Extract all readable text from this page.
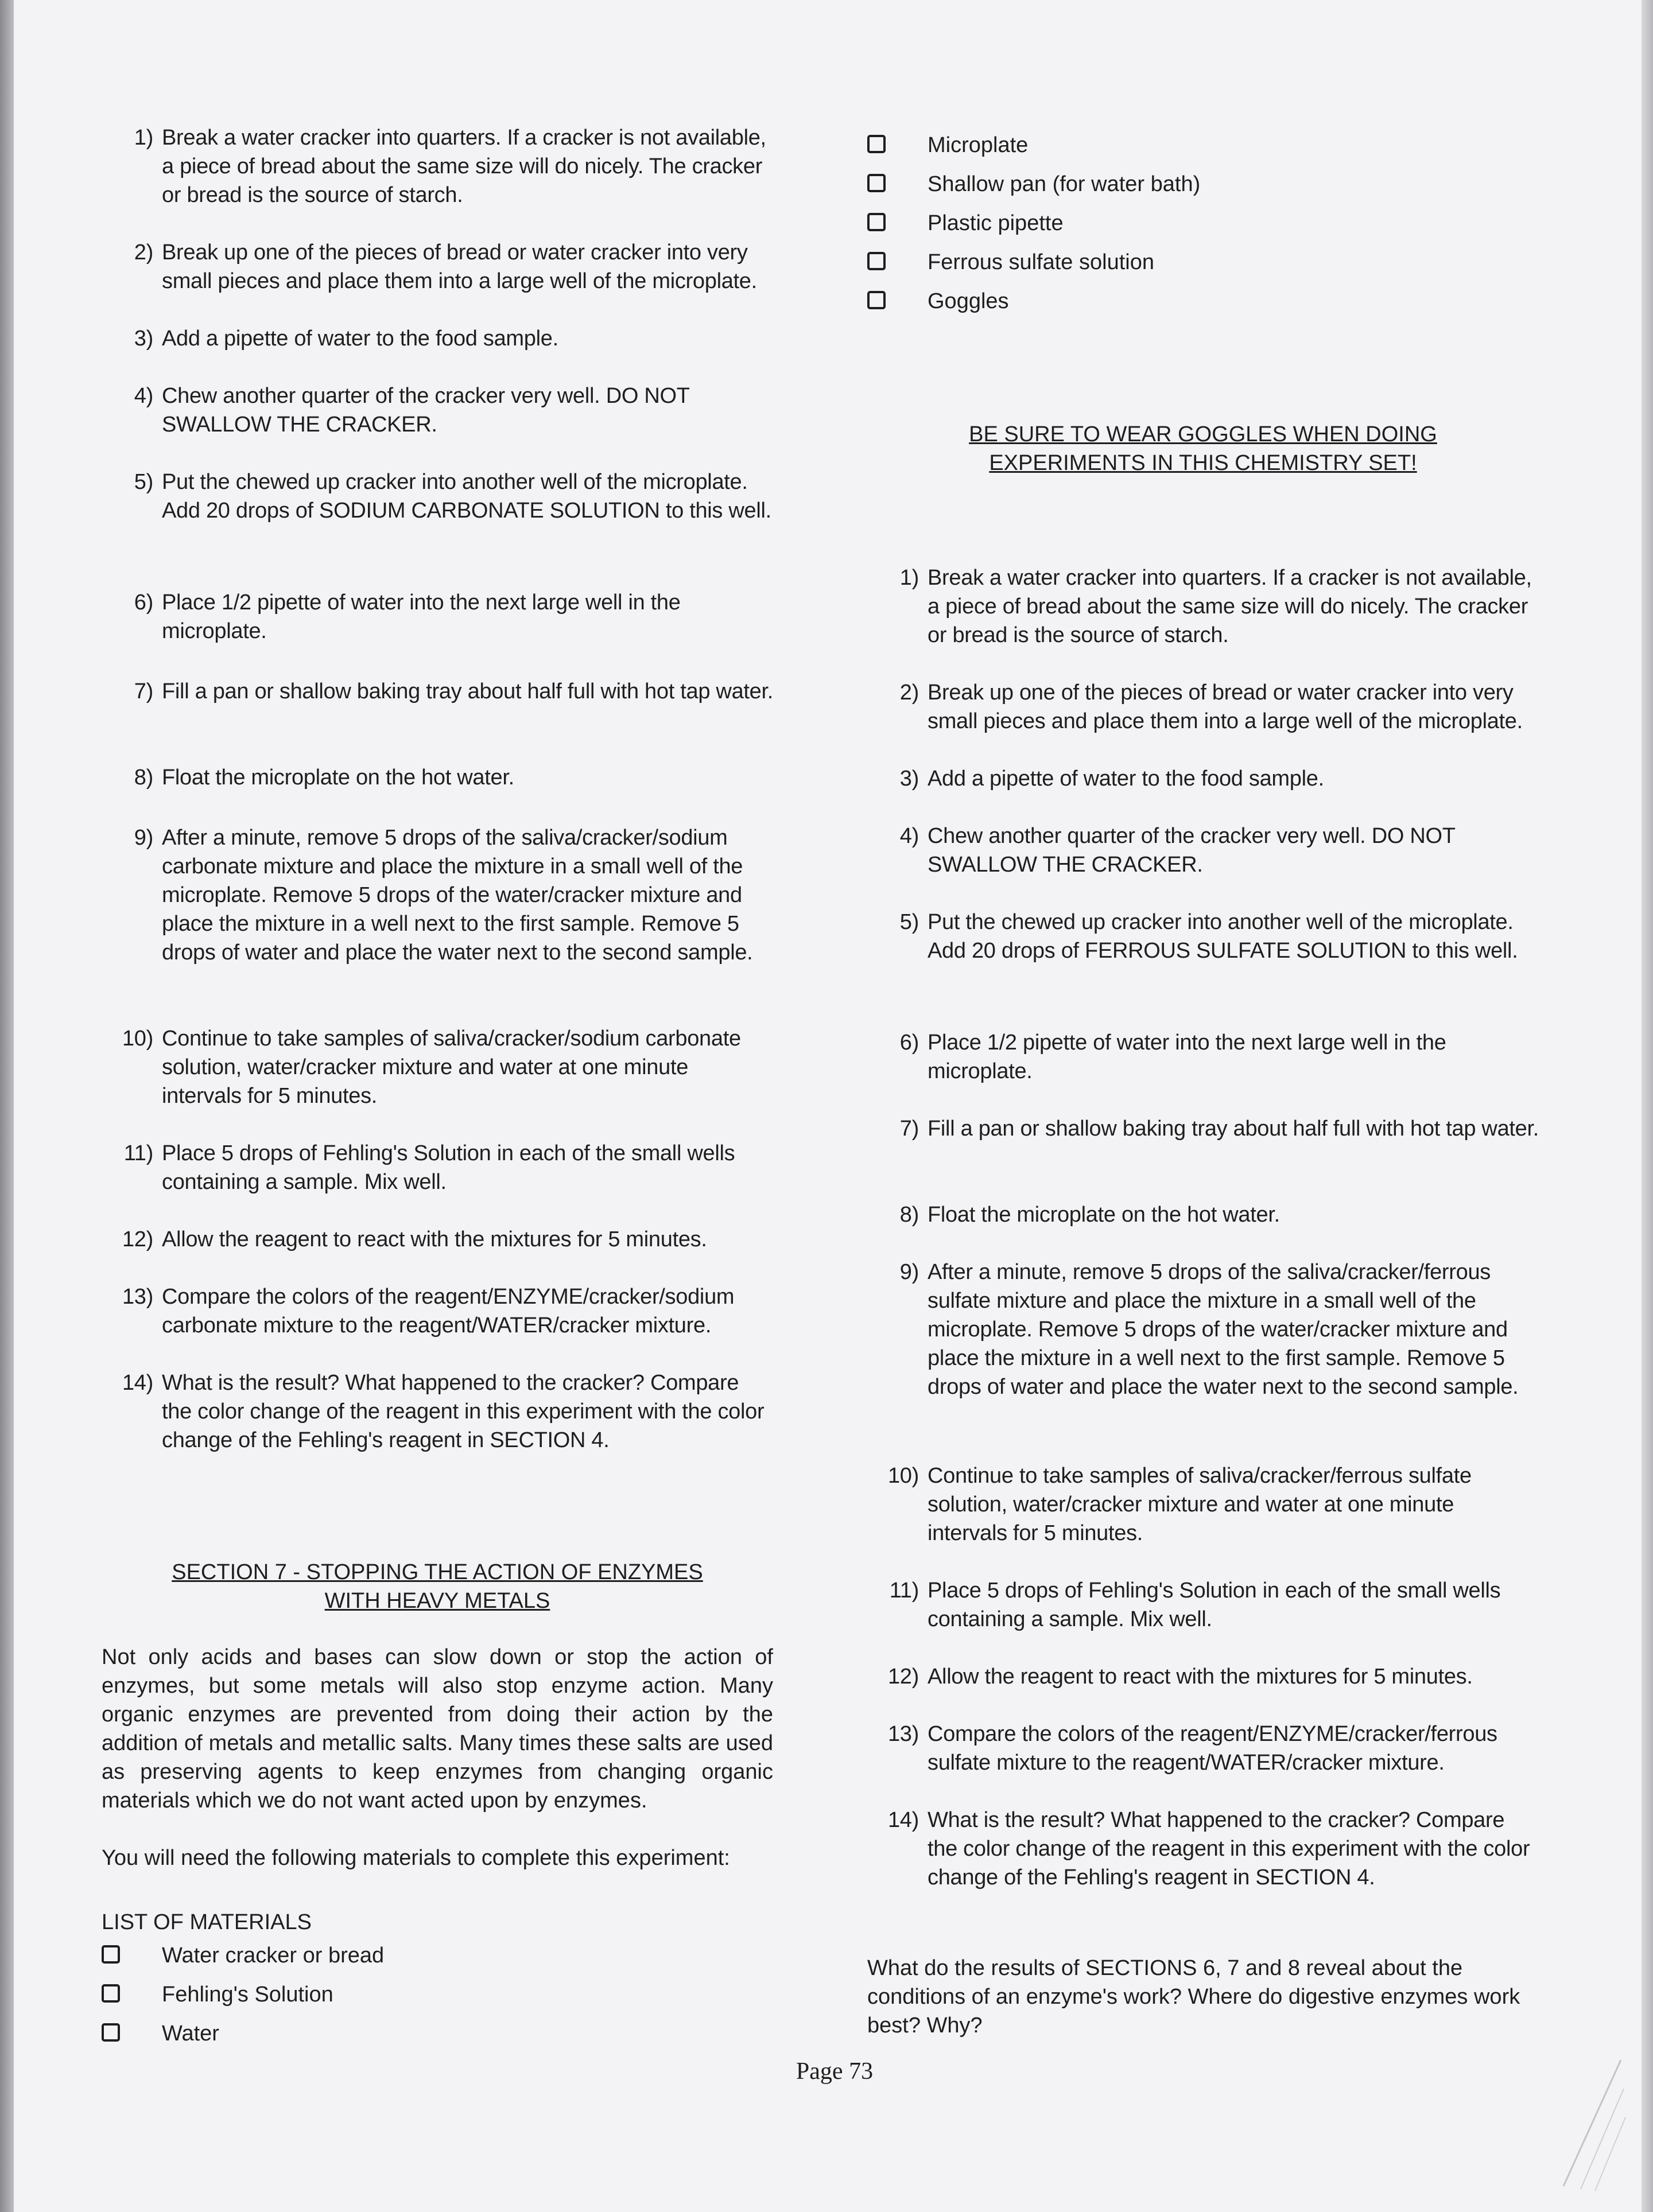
1) Break a water cracker into quarters. If a cracker is not available, a piece of bread about the same size will do nicely. The cracker or bread is the source of starch.
2) Break up one of the pieces of bread or water cracker into very small pieces and place them into a large well of the microplate.
3) Add a pipette of water to the food sample.
4) Chew another quarter of the cracker very well. DO NOT SWALLOW THE CRACKER.
5) Put the chewed up cracker into another well of the microplate. Add 20 drops of SODIUM CARBONATE SOLUTION to this well.
6) Place 1/2 pipette of water into the next large well in the microplate.
7) Fill a pan or shallow baking tray about half full with hot tap water.
8) Float the microplate on the hot water.
9) After a minute, remove 5 drops of the saliva/cracker/sodium carbonate mixture and place the mixture in a small well of the microplate. Remove 5 drops of the water/cracker mixture and place the mixture in a well next to the first sample. Remove 5 drops of water and place the water next to the second sample.
10) Continue to take samples of saliva/cracker/sodium carbonate solution, water/cracker mixture and water at one minute intervals for 5 minutes.
11) Place 5 drops of Fehling's Solution in each of the small wells containing a sample. Mix well.
12) Allow the reagent to react with the mixtures for 5 minutes.
13) Compare the colors of the reagent/ENZYME/cracker/sodium carbonate mixture to the reagent/WATER/cracker mixture.
14) What is the result? What happened to the cracker? Compare the color change of the reagent in this experiment with the color change of the Fehling's reagent in SECTION 4.
SECTION 7 - STOPPING THE ACTION OF ENZYMES
WITH HEAVY METALS
Not only acids and bases can slow down or stop the action of enzymes, but some metals will also stop enzyme action. Many organic enzymes are prevented from doing their action by the addition of metals and metallic salts. Many times these salts are used as preserving agents to keep enzymes from changing organic materials which we do not want acted upon by enzymes.
You will need the following materials to complete this experiment:
LIST OF MATERIALS
Water cracker or bread
Fehling's Solution
Water
Microplate
Shallow pan (for water bath)
Plastic pipette
Ferrous sulfate solution
Goggles
BE SURE TO WEAR GOGGLES WHEN DOING
EXPERIMENTS IN THIS CHEMISTRY SET!
1) Break a water cracker into quarters. If a cracker is not available, a piece of bread about the same size will do nicely. The cracker or bread is the source of starch.
2) Break up one of the pieces of bread or water cracker into very small pieces and place them into a large well of the microplate.
3) Add a pipette of water to the food sample.
4) Chew another quarter of the cracker very well. DO NOT SWALLOW THE CRACKER.
5) Put the chewed up cracker into another well of the microplate. Add 20 drops of FERROUS SULFATE SOLUTION to this well.
6) Place 1/2 pipette of water into the next large well in the microplate.
7) Fill a pan or shallow baking tray about half full with hot tap water.
8) Float the microplate on the hot water.
9) After a minute, remove 5 drops of the saliva/cracker/ferrous sulfate mixture and place the mixture in a small well of the microplate. Remove 5 drops of the water/cracker mixture and place the mixture in a well next to the first sample. Remove 5 drops of water and place the water next to the second sample.
10) Continue to take samples of saliva/cracker/ferrous sulfate solution, water/cracker mixture and water at one minute intervals for 5 minutes.
11) Place 5 drops of Fehling's Solution in each of the small wells containing a sample. Mix well.
12) Allow the reagent to react with the mixtures for 5 minutes.
13) Compare the colors of the reagent/ENZYME/cracker/ferrous sulfate mixture to the reagent/WATER/cracker mixture.
14) What is the result? What happened to the cracker? Compare the color change of the reagent in this experiment with the color change of the Fehling's reagent in SECTION 4.
What do the results of SECTIONS 6, 7 and 8 reveal about the conditions of an enzyme's work? Where do digestive enzymes work best? Why?
Page 73
